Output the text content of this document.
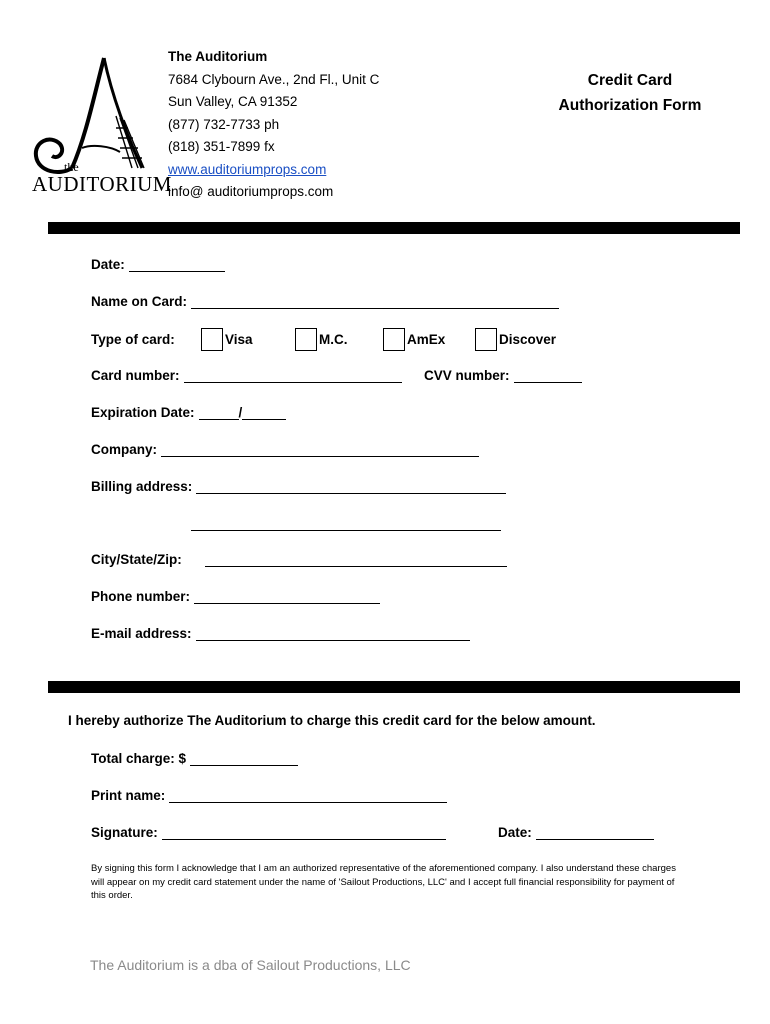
the
AUDITORIUM
The Auditorium
7684 Clybourn Ave., 2nd Fl., Unit C
Sun Valley, CA 91352
(877) 732-7733 ph
(818) 351-7899 fx
www.auditoriumprops.com
info@ auditoriumprops.com
Credit Card
Authorization Form
Date:
Name on Card:
Type of card:	Visa	M.C.	AmEx	Discover
Card number:	CVV number:
Expiration Date:	/
Company:
Billing address:
City/State/Zip:
Phone number:
E-mail address:
I hereby authorize The Auditorium to charge this credit card for the below amount.
Total charge: $
Print name:
Signature:	Date:
By signing this form I acknowledge that I am an authorized representative of the aforementioned company. I also understand these charges will appear on my credit card statement under the name of 'Sailout Productions, LLC' and I accept full financial responsibility for payment of this order.
The Auditorium is a dba of Sailout Productions, LLC
